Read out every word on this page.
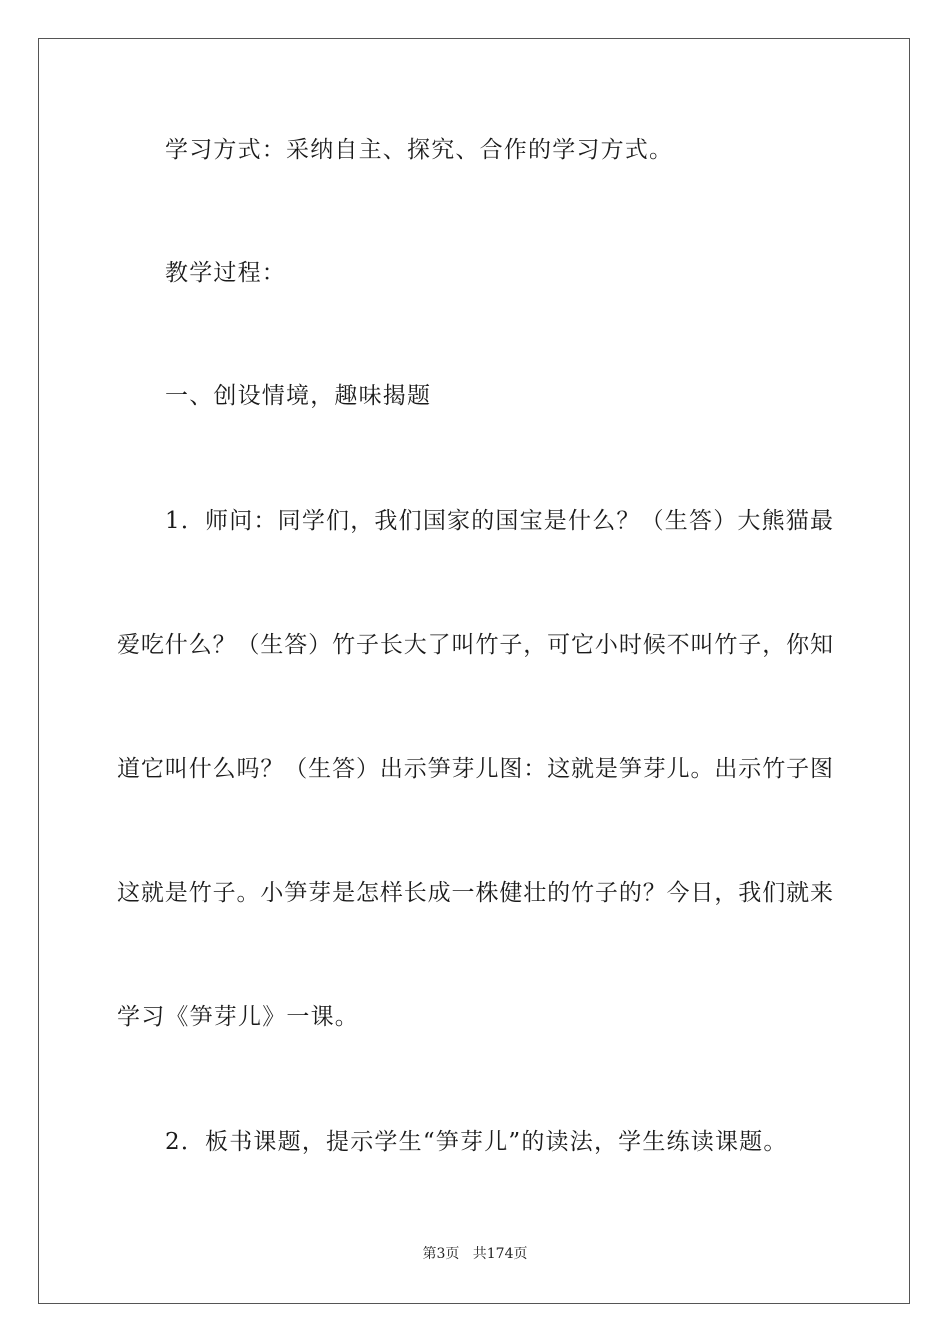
学习方式：采纳自主、探究、合作的学习方式。
教学过程：
一、创设情境，趣味揭题
1．师问：同学们，我们国家的国宝是什么？（生答）大熊猫最
爱吃什么？（生答）竹子长大了叫竹子，可它小时候不叫竹子，你知
道它叫什么吗？（生答）出示笋芽儿图：这就是笋芽儿。出示竹子图
这就是竹子。小笋芽是怎样长成一株健壮的竹子的？今日，我们就来
学习《笋芽儿》一课。
2．板书课题，提示学生“笋芽儿”的读法，学生练读课题。
第3页 共174页
